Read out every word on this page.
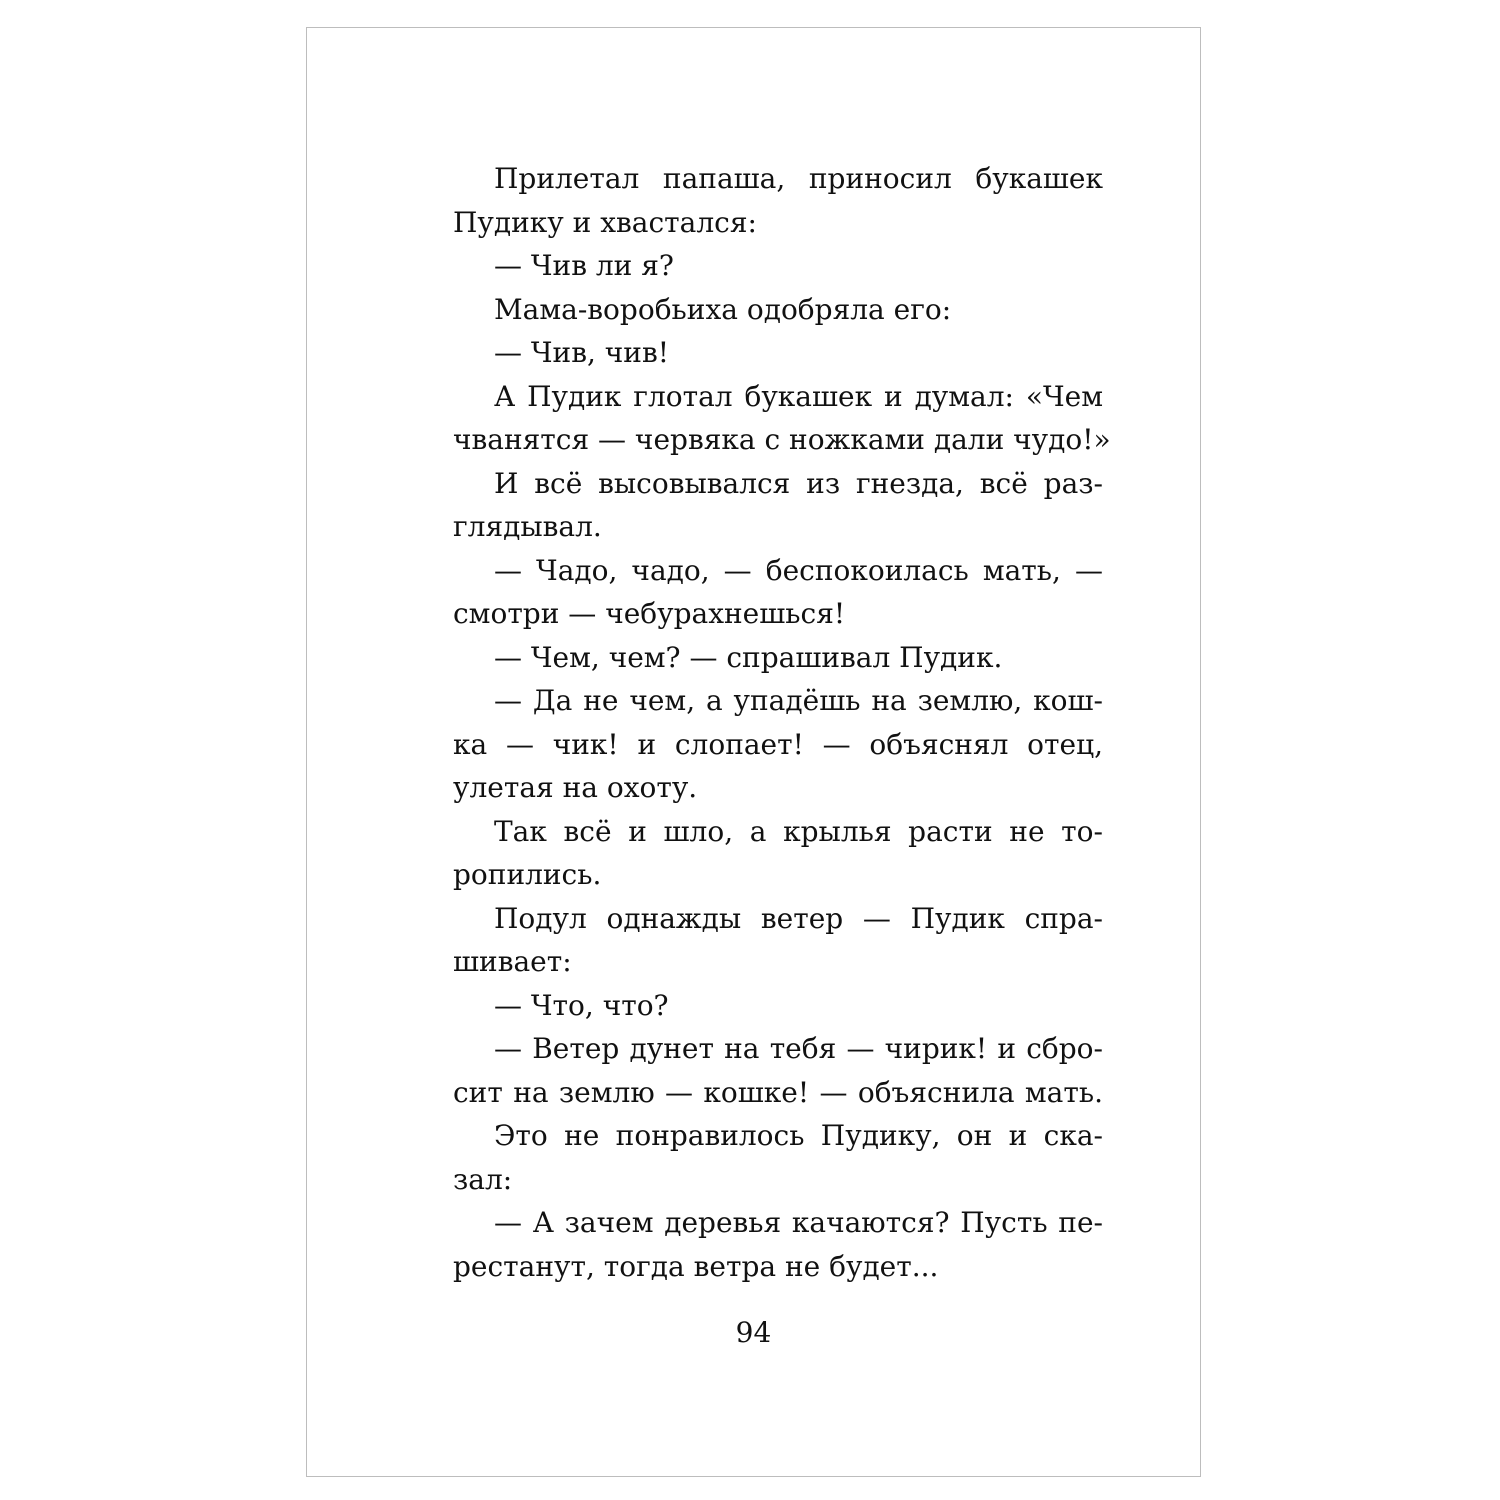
Прилетал папаша, приносил букашек
Пудику и хвастался:
— Чив ли я?
Мама-воробьиха одобряла его:
— Чив, чив!
А Пудик глотал букашек и думал: «Чем
чванятся — червяка с ножками дали чудо!»
И всё высовывался из гнезда, всё раз-
глядывал.
— Чадо, чадо, — беспокоилась мать, —
смотри — чебурахнешься!
— Чем, чем? — спрашивал Пудик.
— Да не чем, а упадёшь на землю, кош-
ка — чик! и слопает! — объяснял отец,
улетая на охоту.
Так всё и шло, а крылья расти не то-
ропились.
Подул однажды ветер — Пудик спра-
шивает:
— Что, что?
— Ветер дунет на тебя — чирик! и сбро-
сит на землю — кошке! — объяснила мать.
Это не понравилось Пудику, он и ска-
зал:
— А зачем деревья качаются? Пусть пе-
рестанут, тогда ветра не будет...
94
